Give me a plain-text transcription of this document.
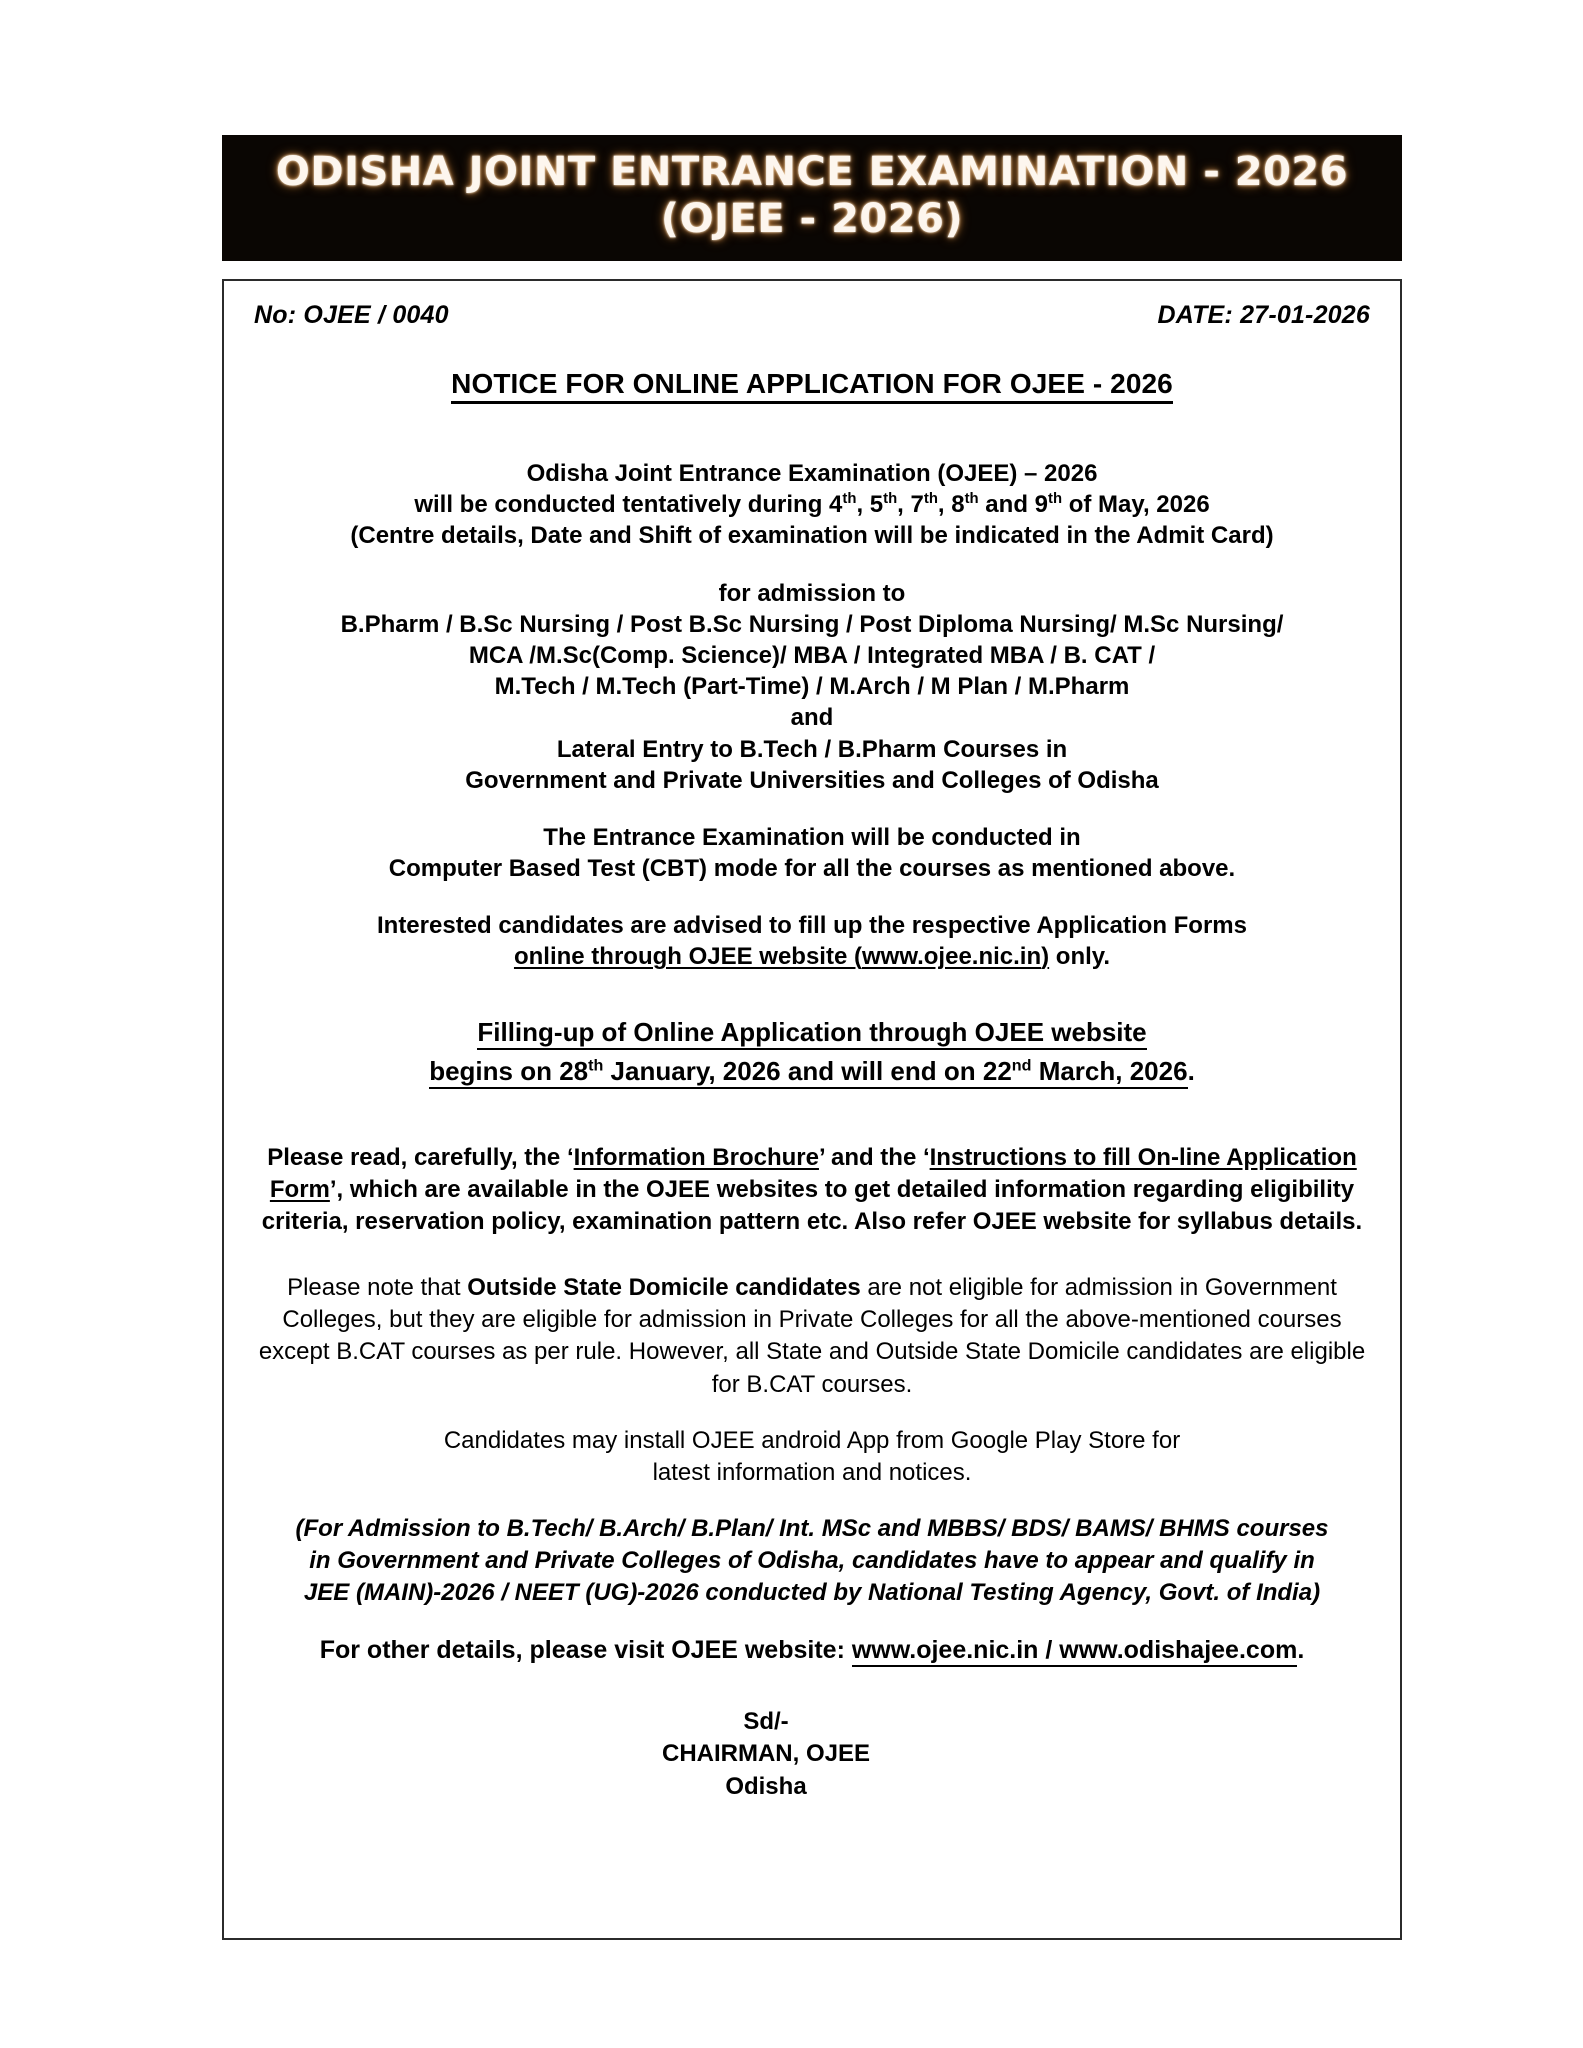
ODISHA JOINT ENTRANCE EXAMINATION - 2026
(OJEE - 2026)
No: OJEE / 0040	DATE: 27-01-2026
NOTICE FOR ONLINE APPLICATION FOR OJEE - 2026
Odisha Joint Entrance Examination (OJEE) – 2026
will be conducted tentatively during 4th, 5th, 7th, 8th and 9th of May, 2026
(Centre details, Date and Shift of examination will be indicated in the Admit Card)
for admission to
B.Pharm / B.Sc Nursing / Post B.Sc Nursing / Post Diploma Nursing/ M.Sc Nursing/
MCA /M.Sc(Comp. Science)/ MBA / Integrated MBA / B. CAT /
M.Tech / M.Tech (Part-Time) / M.Arch / M Plan / M.Pharm
and
Lateral Entry to B.Tech / B.Pharm Courses in
Government and Private Universities and Colleges of Odisha
The Entrance Examination will be conducted in
Computer Based Test (CBT) mode for all the courses as mentioned above.
Interested candidates are advised to fill up the respective Application Forms
online through OJEE website (www.ojee.nic.in) only.
Filling-up of Online Application through OJEE website
begins on 28th January, 2026 and will end on 22nd March, 2026.

Please read, carefully, the ‘Information Brochure’ and the ‘Instructions to fill On-line Application Form’, which are available in the OJEE websites to get detailed information regarding eligibility criteria, reservation policy, examination pattern etc. Also refer OJEE website for syllabus details.

Please note that Outside State Domicile candidates are not eligible for admission in Government Colleges, but they are eligible for admission in Private Colleges for all the above-mentioned courses except B.CAT courses as per rule. However, all State and Outside State Domicile candidates are eligible for B.CAT courses.

Candidates may install OJEE android App from Google Play Store for
latest information and notices.

(For Admission to B.Tech/ B.Arch/ B.Plan/ Int. MSc and MBBS/ BDS/ BAMS/ BHMS courses
in Government and Private Colleges of Odisha, candidates have to appear and qualify in
JEE (MAIN)-2026 / NEET (UG)-2026 conducted by National Testing Agency, Govt. of India)

For other details, please visit OJEE website: www.ojee.nic.in / www.odishajee.com.

Sd/-
CHAIRMAN, OJEE
Odisha
